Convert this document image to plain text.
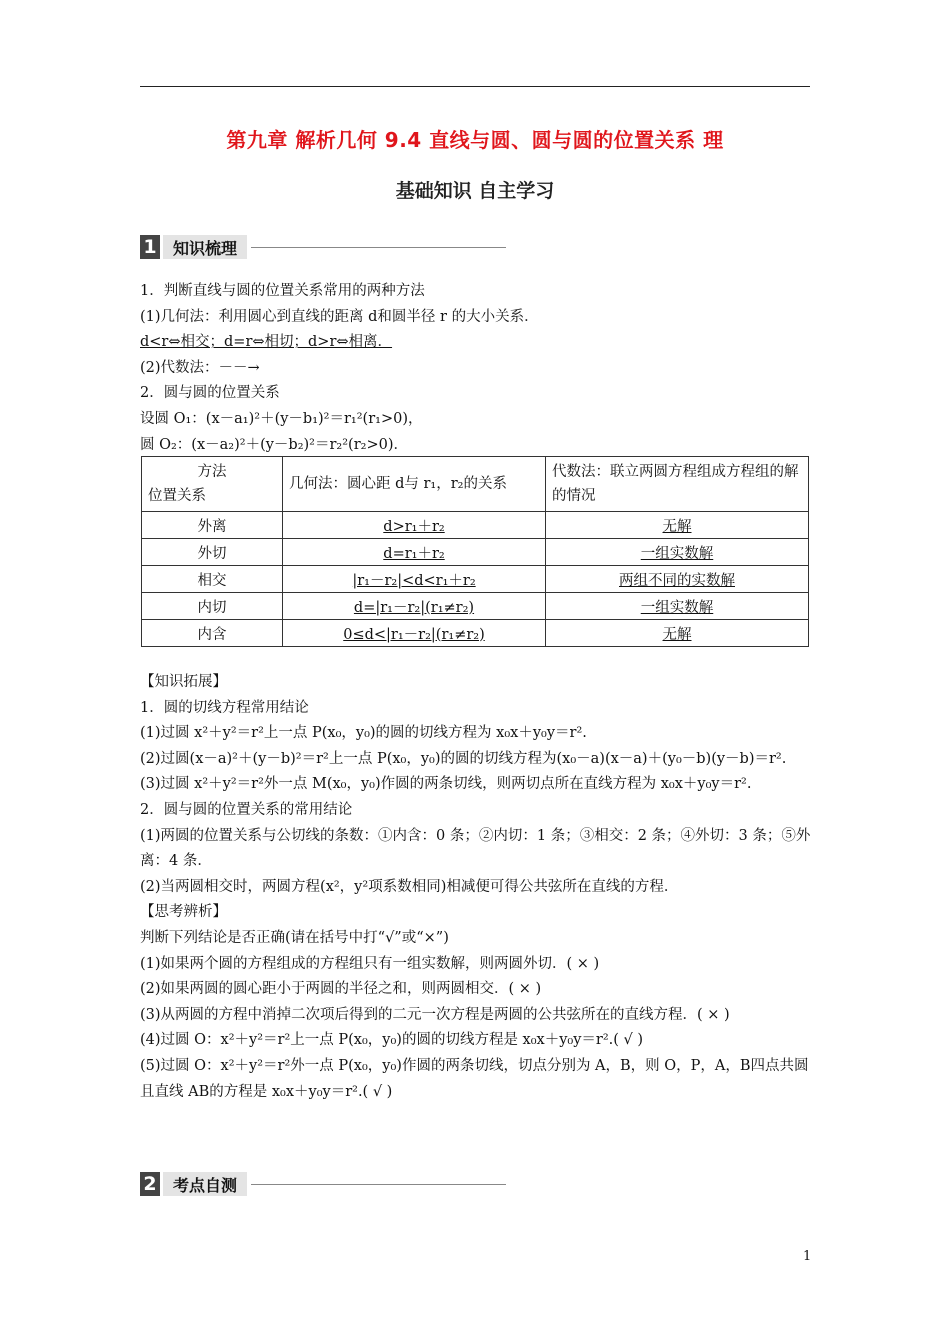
第九章 解析几何 9.4 直线与圆、圆与圆的位置关系 理
基础知识 自主学习
1	知识梳理

1．判断直线与圆的位置关系常用的两种方法

(1)几何法：利用圆心到直线的距离 d和圆半径 r 的大小关系．

d<r⇔相交；d=r⇔相切；d>r⇔相离．

(2)代数法：－－→

2．圆与圆的位置关系

设圆 O₁：(x－a₁)²＋(y－b₁)²＝r₁²(r₁>0)，

圆 O₂：(x－a₂)²＋(y－b₂)²＝r₂²(r₂>0)．

方法
位置关系	几何法：圆心距 d与 r₁，r₂的关系	代数法：联立两圆方程组成方程组的解的情况
外离	d>r₁＋r₂	无解
外切	d=r₁＋r₂	一组实数解
相交	|r₁－r₂|<d<r₁＋r₂	两组不同的实数解
内切	d=|r₁－r₂|(r₁≠r₂)	一组实数解
内含	0≤d<|r₁－r₂|(r₁≠r₂)	无解

【知识拓展】

1．圆的切线方程常用结论

(1)过圆 x²＋y²＝r²上一点 P(x₀，y₀)的圆的切线方程为 x₀x＋y₀y＝r².

(2)过圆(x－a)²＋(y－b)²＝r²上一点 P(x₀，y₀)的圆的切线方程为(x₀－a)(x－a)＋(y₀－b)(y－b)＝r².

(3)过圆 x²＋y²＝r²外一点 M(x₀，y₀)作圆的两条切线，则两切点所在直线方程为 x₀x＋y₀y＝r².

2．圆与圆的位置关系的常用结论

(1)两圆的位置关系与公切线的条数：①内含：0 条；②内切：1 条；③相交：2 条；④外切：3 条；⑤外离：4 条．

(2)当两圆相交时，两圆方程(x²，y²项系数相同)相减便可得公共弦所在直线的方程．

【思考辨析】

判断下列结论是否正确(请在括号中打“√”或“×”)

(1)如果两个圆的方程组成的方程组只有一组实数解，则两圆外切．( × )

(2)如果两圆的圆心距小于两圆的半径之和，则两圆相交．( × )

(3)从两圆的方程中消掉二次项后得到的二元一次方程是两圆的公共弦所在的直线方程．( × )

(4)过圆 O：x²＋y²＝r²上一点 P(x₀，y₀)的圆的切线方程是 x₀x＋y₀y＝r².( √ )

(5)过圆 O：x²＋y²＝r²外一点 P(x₀，y₀)作圆的两条切线，切点分别为 A，B，则 O，P，A，B四点共圆且直线 AB的方程是 x₀x＋y₀y＝r².( √ )

2	考点自测
1
